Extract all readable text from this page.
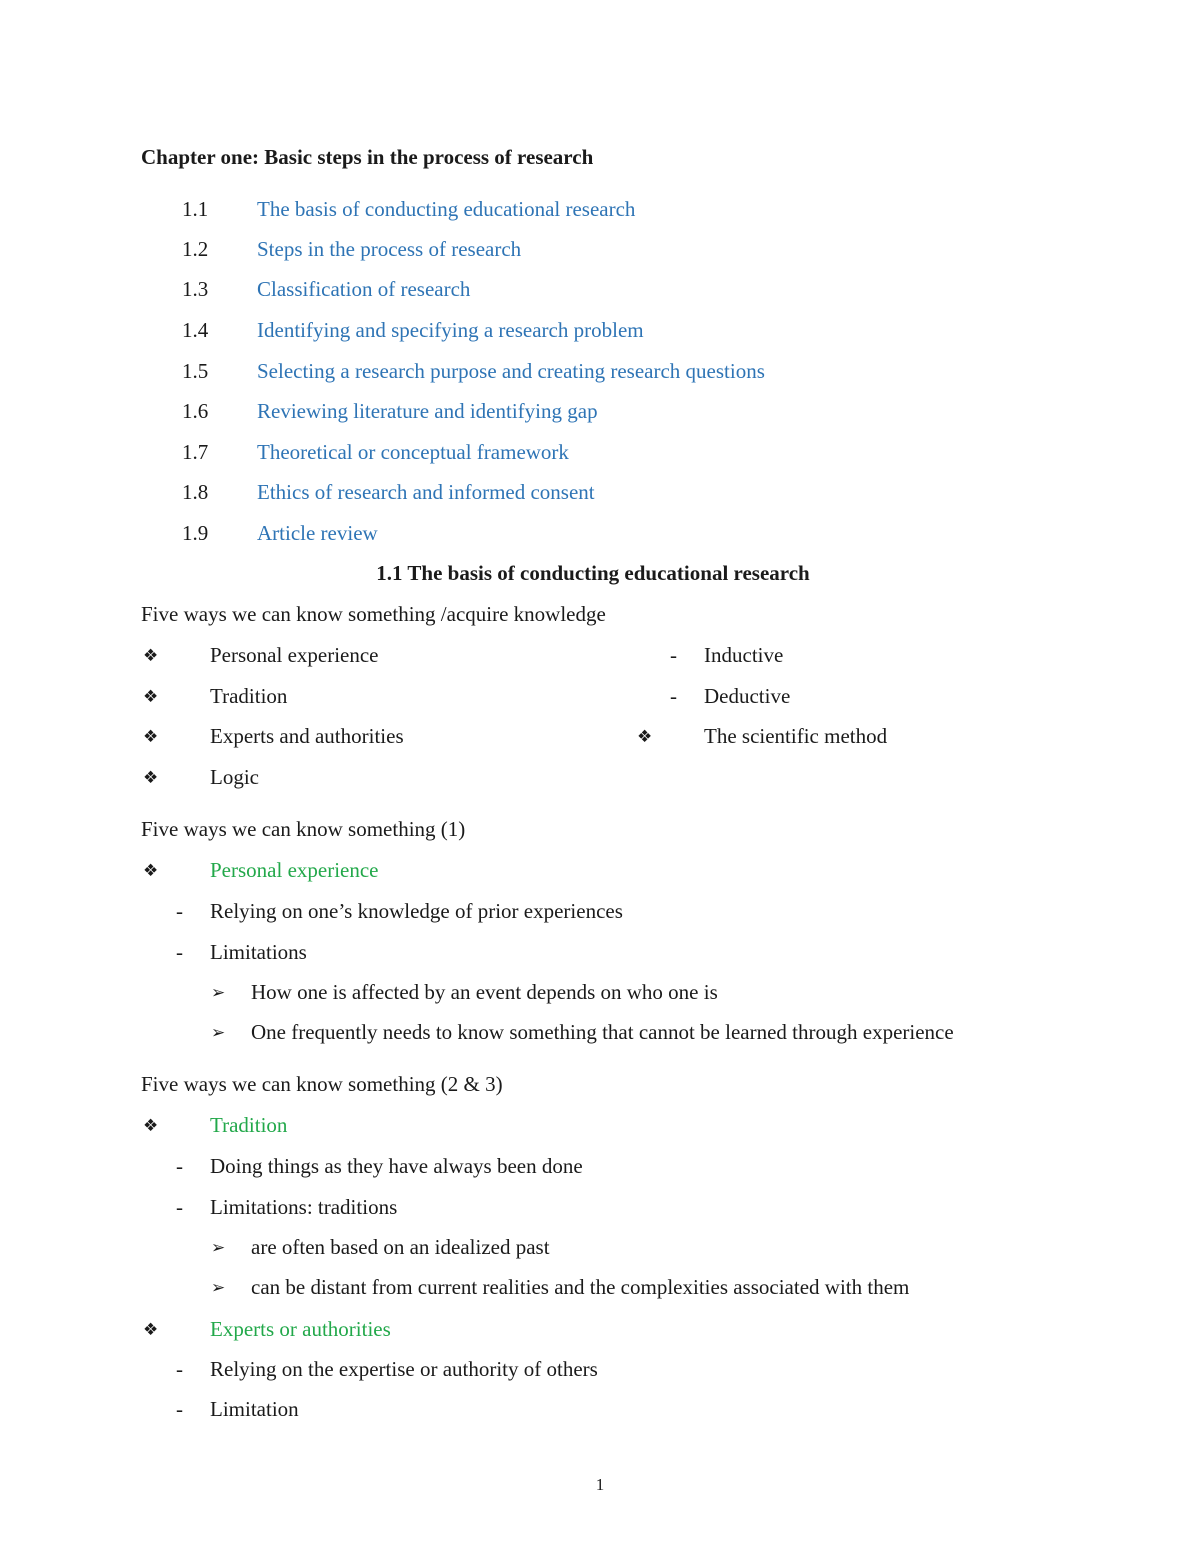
Chapter one: Basic steps in the process of research
1.1 The basis of conducting educational research
1.2 Steps in the process of research
1.3 Classification of research
1.4 Identifying and specifying a research problem
1.5 Selecting a research purpose and creating research questions
1.6 Reviewing literature and identifying gap
1.7 Theoretical or conceptual framework
1.8 Ethics of research and informed consent
1.9 Article review
1.1 The basis of conducting educational research
Five ways we can know something /acquire knowledge
❖ Personal experience
❖ Tradition
❖ Experts and authorities
❖ Logic
- Inductive
- Deductive
❖ The scientific method
Five ways we can know something (1)
❖ Personal experience
- Relying on one’s knowledge of prior experiences
- Limitations
➢ How one is affected by an event depends on who one is
➢ One frequently needs to know something that cannot be learned through experience
Five ways we can know something (2 & 3)
❖ Tradition
- Doing things as they have always been done
- Limitations: traditions
➢ are often based on an idealized past
➢ can be distant from current realities and the complexities associated with them
❖ Experts or authorities
- Relying on the expertise or authority of others
- Limitation
1
